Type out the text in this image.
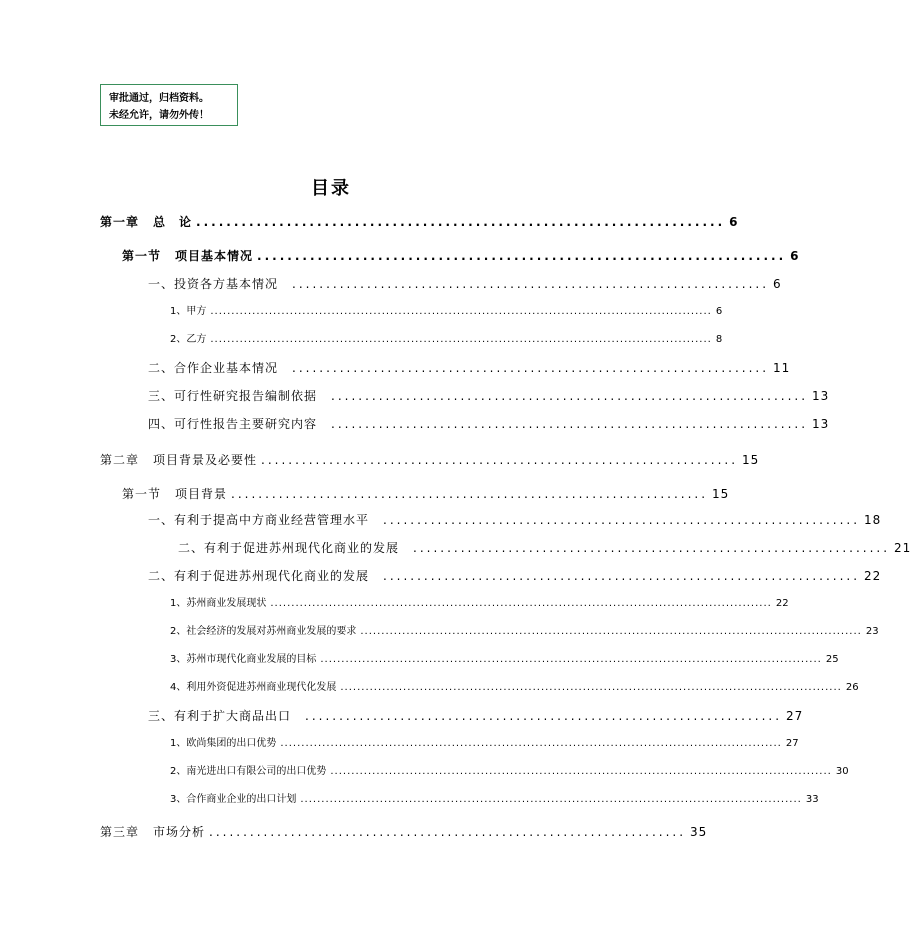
审批通过，归档资料。
未经允许，请勿外传！
目录
第一章 总　论 ...................................................................... 6
第一节 项目基本情况 ...................................................................... 6
一、投资各方基本情况 ...................................................................... 6
1、甲方 ........................................................................................................................ 6
2、乙方 ........................................................................................................................ 8
二、合作企业基本情况 ...................................................................... 11
三、可行性研究报告编制依据 ...................................................................... 13
四、可行性报告主要研究内容 ...................................................................... 13
第二章 项目背景及必要性 ...................................................................... 15
第一节 项目背景 ...................................................................... 15
一、有利于提高中方商业经营管理水平 ...................................................................... 18
二、有利于促进苏州现代化商业的发展 ...................................................................... 21
二、有利于促进苏州现代化商业的发展 ...................................................................... 22
1、苏州商业发展现状 ........................................................................................................................ 22
2、社会经济的发展对苏州商业发展的要求 ........................................................................................................................ 23
3、苏州市现代化商业发展的目标 ........................................................................................................................ 25
4、利用外资促进苏州商业现代化发展 ........................................................................................................................ 26
三、有利于扩大商品出口 ...................................................................... 27
1、欧尚集团的出口优势 ........................................................................................................................ 27
2、南光进出口有限公司的出口优势 ........................................................................................................................ 30
3、合作商业企业的出口计划 ........................................................................................................................ 33
第三章 市场分析 ...................................................................... 35
